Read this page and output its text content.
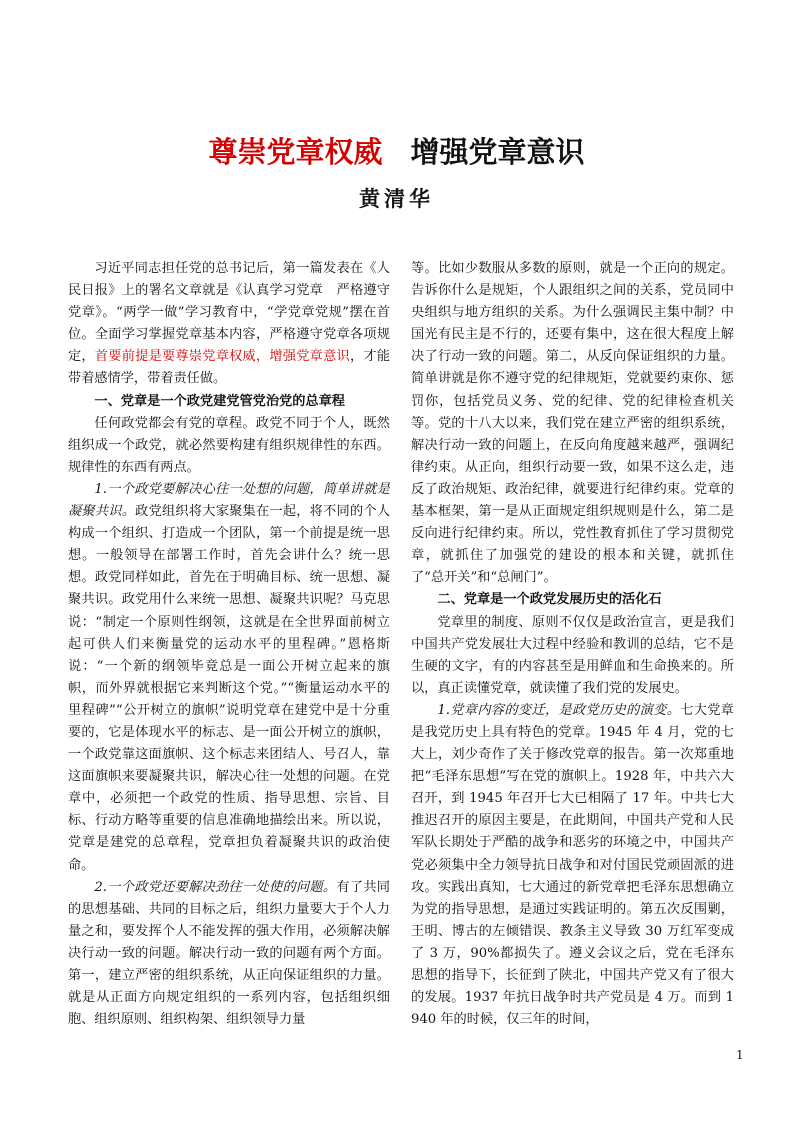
尊崇党章权威 增强党章意识
黄清华

习近平同志担任党的总书记后，第一篇发表在《人民日报》上的署名文章就是《认真学习党章　严格遵守党章》。“两学一做”学习教育中，“学党章党规”摆在首位。全面学习掌握党章基本内容，严格遵守党章各项规定，首要前提是要尊崇党章权威，增强党章意识，才能带着感情学，带着责任做。

一、党章是一个政党建党管党治党的总章程

任何政党都会有党的章程。政党不同于个人，既然组织成一个政党，就必然要构建有组织规律性的东西。规律性的东西有两点。

1.一个政党要解决心往一处想的问题，简单讲就是凝聚共识。政党组织将大家聚集在一起，将不同的个人构成一个组织、打造成一个团队，第一个前提是统一思想。一般领导在部署工作时，首先会讲什么？统一思想。政党同样如此，首先在于明确目标、统一思想、凝聚共识。政党用什么来统一思想、凝聚共识呢？马克思说：“制定一个原则性纲领，这就是在全世界面前树立起可供人们来衡量党的运动水平的里程碑。”恩格斯说：“一个新的纲领毕竟总是一面公开树立起来的旗帜，而外界就根据它来判断这个党。”“衡量运动水平的里程碑”“公开树立的旗帜”说明党章在建党中是十分重要的，它是体现水平的标志、是一面公开树立的旗帜，一个政党靠这面旗帜、这个标志来团结人、号召人，靠这面旗帜来要凝聚共识，解决心往一处想的问题。在党章中，必须把一个政党的性质、指导思想、宗旨、目标、行动方略等重要的信息准确地描绘出来。所以说，党章是建党的总章程，党章担负着凝聚共识的政治使命。

2.一个政党还要解决劲往一处使的问题。有了共同的思想基础、共同的目标之后，组织力量要大于个人力量之和，要发挥个人不能发挥的强大作用，必须解决解决行动一致的问题。解决行动一致的问题有两个方面。第一，建立严密的组织系统，从正向保证组织的力量。就是从正面方向规定组织的一系列内容，包括组织细胞、组织原则、组织构架、组织领导力量

等。比如少数服从多数的原则，就是一个正向的规定。告诉你什么是规矩，个人跟组织之间的关系，党员同中央组织与地方组织的关系。为什么强调民主集中制？中国光有民主是不行的，还要有集中，这在很大程度上解决了行动一致的问题。第二，从反向保证组织的力量。简单讲就是你不遵守党的纪律规矩，党就要约束你、惩罚你，包括党员义务、党的纪律、党的纪律检查机关等。党的十八大以来，我们党在建立严密的组织系统，解决行动一致的问题上，在反向角度越来越严，强调纪律约束。从正向，组织行动要一致，如果不这么走，违反了政治规矩、政治纪律，就要进行纪律约束。党章的基本框架，第一是从正面规定组织规则是什么，第二是反向进行纪律约束。所以，党性教育抓住了学习贯彻党章，就抓住了加强党的建设的根本和关键，就抓住了“总开关”和“总闸门”。

二、党章是一个政党发展历史的活化石

党章里的制度、原则不仅仅是政治宣言，更是我们中国共产党发展壮大过程中经验和教训的总结，它不是生硬的文字，有的内容甚至是用鲜血和生命换来的。所以，真正读懂党章，就读懂了我们党的发展史。

1.党章内容的变迁，是政党历史的演变。七大党章是我党历史上具有特色的党章。1945 年 4 月，党的七大上，刘少奇作了关于修改党章的报告。第一次郑重地把“毛泽东思想”写在党的旗帜上。1928 年，中共六大召开，到 1945 年召开七大已相隔了 17 年。中共七大推迟召开的原因主要是，在此期间，中国共产党和人民军队长期处于严酷的战争和恶劣的环境之中，中国共产党必须集中全力领导抗日战争和对付国民党顽固派的进攻。实践出真知，七大通过的新党章把毛泽东思想确立为党的指导思想，是通过实践证明的。第五次反围剿，王明、博古的左倾错误、教条主义导致 30 万红军变成了 3 万，90%都损失了。遵义会议之后，党在毛泽东思想的指导下，长征到了陕北，中国共产党又有了很大的发展。1937 年抗日战争时共产党员是 4 万。而到 1940 年的时候，仅三年的时间，

1
